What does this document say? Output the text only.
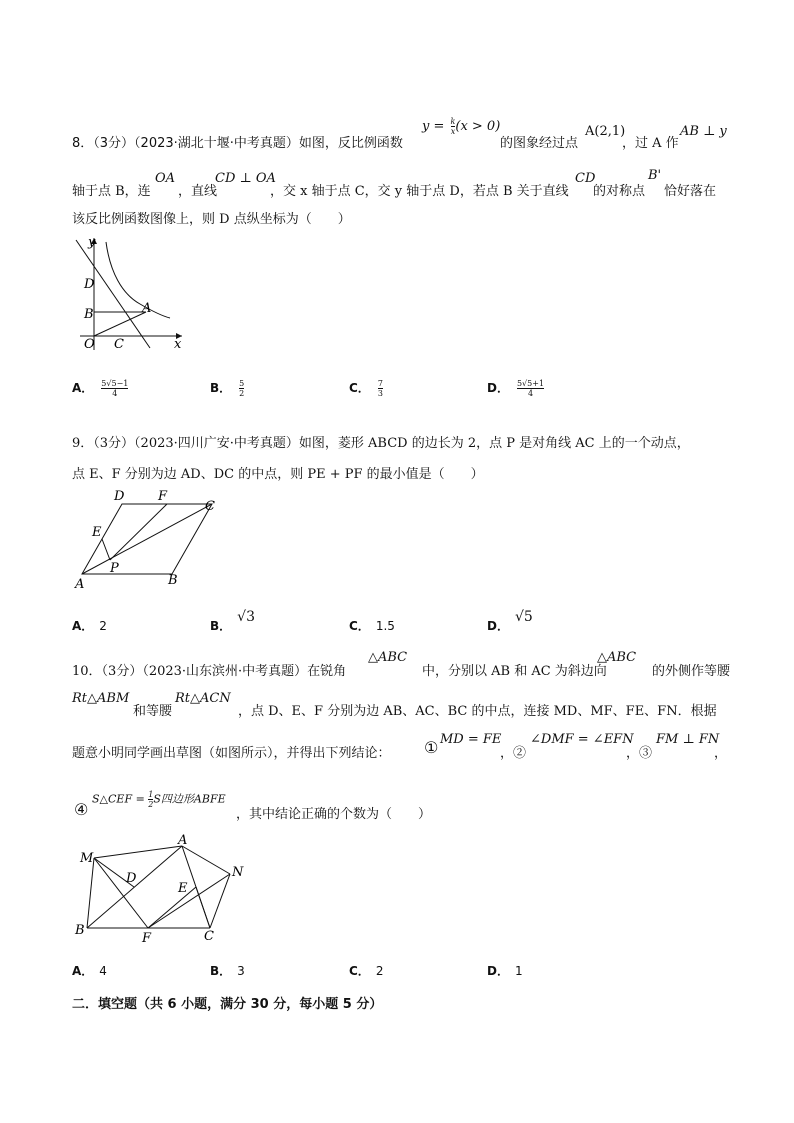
8．（3分）（2023·湖北十堰·中考真题）如图，反比例函数
$y = \frac{k}{x} (x > 0)$
的图象经过点
A(2,1)
，过 A 作
AB ⊥ y
轴于点 B，连
OA
，直线
CD ⊥ OA
，交 x 轴于点 C，交 y 轴于点 D，若点 B 关于直线
CD
的对称点
B'
恰好落在
该反比例函数图像上，则 D 点纵坐标为（　　）
y
D
B	A
O C	x
A． $\frac{5√5-1}{4}$	B． $\frac{5}{2}$	C． $\frac{7}{3}$	D． $\frac{5√5+1}{4}$
9．（3分）（2023·四川广安·中考真题）如图，菱形 ABCD 的边长为 2，点 P 是对角线 AC 上的一个动点，
点 E、F 分别为边 AD、DC 的中点，则 PE + PF 的最小值是（　　）
D	F
C
E
P
A	B
A． 2	B．√3
C． 1.5	D．√5
10．（3分）（2023·山东滨州·中考真题）在锐角
△ABC
中，分别以 AB 和 AC 为斜边向
△ABC
的外侧作等腰
Rt△ABM
和等腰
Rt△ACN
，点 D、E、F 分别为边 AB、AC、BC 的中点，连接 MD、MF、FE、FN．根据
题意小明同学画出草图（如图所示），并得出下列结论： ① MD = FE
，②
∠DMF = ∠EFN
，③
FM ⊥ FN
，
④
S△CEF = $\frac{1}{2}$ S四边形ABFE
，其中结论正确的个数为（　　）
M
A
N
D
E
B
F	C
A． 4	B． 3	C． 2	D． 1
二．填空题（共 6 小题，满分 30 分，每小题 5 分）
